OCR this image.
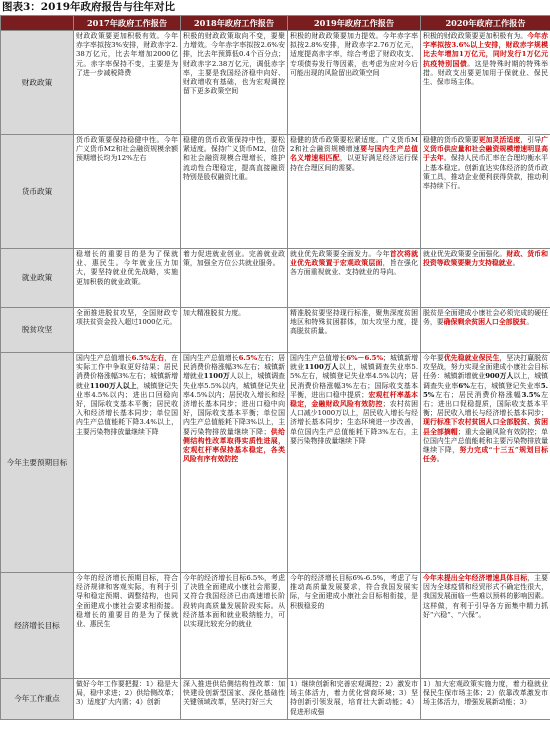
图表3：2019年政府报告与往年对比
	2017年政府工作报告	2018年政府工作报告	2019年政府工作报告	2020年政府工作报告
财政政策	财政政策要更加积极有效。今年赤字率拟按3%安排，财政赤字2.38万亿元，比去年增加2000亿元。赤字率保持不变，主要是为了进一步减税降费	积极的财政政策取向不变，要聚力增效。今年赤字率拟按2.6%安排，比去年预算低0.4个百分点；财政赤字2.38万亿元，调低赤字率，主要是我国经济稳中向好、财政增收有基础，也为宏观调控留下更多政策空间	积极的财政政策要加力提效。今年赤字率拟按2.8%安排，财政赤字2.76万亿元，适度提高赤字率，综合考虑了财政收支、专项债券发行等因素，也考虑为应对今后可能出现的风险留出政策空间	积极的财政政策要更加积极有为。今年赤字率拟按3.6%以上安排，财政赤字规模比去年增加1万亿元，同时发行1万亿元抗疫特别国债。这是特殊时期的特殊举措。财政支出要更加用于保就业、保民生、保市场主体。
货币政策	货币政策要保持稳健中性。今年广义货币M2和社会融资规模余额预期增长均为12%左右	稳健的货币政策保持中性，要松紧适度。保持广义货币M2、信贷和社会融资规模合理增长，维护流动性合理稳定，提高直接融资特别是股权融资比重。	稳健的货币政策要松紧适度。广义货币M2和社会融资规模增速要与国内生产总值名义增速相匹配，以更好满足经济运行保持在合理区间的需要。	稳健的货币政策要更加灵活适度，引导广义货币供应量和社会融资规模增速明显高于去年。保持人民币汇率在合理均衡水平上基本稳定。创新直达实体经济的货币政策工具，推动企业便利获得贷款，推动利率持续下行。
就业政策	稳增长的重要目的是为了保就业、惠民生。今年就业压力加大，要坚持就业优先战略，实施更加积极的就业政策。	着力促进就业创业。完善就业政策，加强全方位公共就业服务。	就业优先政策要全面发力。今年首次将就业优先政策置于宏观政策层面，旨在强化各方面重视就业、支持就业的导向。	就业优先政策要全面强化。财政、货币和投资等政策要聚力支持稳就业。
脱贫攻坚	全面推进脱贫攻坚，全国财政专项扶贫资金投入超过1000亿元。	加大精准脱贫力度。	精准脱贫要坚持现行标准，聚焦深度贫困地区和特殊贫困群体，加大攻坚力度，提高脱贫质量。	脱贫是全面建成小康社会必须完成的硬任务，要确保剩余贫困人口全部脱贫。
今年主要预期目标	国内生产总值增长6.5%左右，在实际工作中争取更好结果；居民消费价格涨幅3%左右；城镇新增就业1100万人以上，城镇登记失业率4.5%以内；进出口回稳向好，国际收支基本平衡；居民收入和经济增长基本同步；单位国内生产总值能耗下降3.4%以上，主要污染物排放量继续下降	国内生产总值增长6.5%左右；居民消费价格涨幅3%左右；城镇新增就业1100万人以上，城镇调查失业率5.5%以内，城镇登记失业率4.5%以内；居民收入增长和经济增长基本同步；进出口稳中向好，国际收支基本平衡；单位国内生产总值能耗下降3%以上，主要污染物排放量继续下降；供给侧结构性改革取得实质性进展，宏观杠杆率保持基本稳定，各类风险有序有效防控	国内生产总值增长6%－6.5%；城镇新增就业1100万人以上，城镇调查失业率5.5%左右，城镇登记失业率4.5%以内；居民消费价格涨幅3%左右；国际收支基本平衡，进出口稳中提质；宏观杠杆率基本稳定，金融财政风险有效防控；农村贫困人口减少1000万以上，居民收入增长与经济增长基本同步；生态环境进一步改善，单位国内生产总值能耗下降3%左右，主要污染物排放量继续下降	今年要优先稳就业保民生，坚决打赢脱贫攻坚战，努力实现全面建成小康社会目标任务：城镇新增就业900万人以上，城镇调查失业率6%左右，城镇登记失业率5.5%左右；居民消费价格涨幅3.5%左右；进出口促稳提质，国际收支基本平衡；居民收入增长与经济增长基本同步；现行标准下农村贫困人口全部脱贫、贫困县全部摘帽；重大金融风险有效防控；单位国内生产总值能耗和主要污染物排放量继续下降，努力完成“十三五”规划目标任务。
经济增长目标	今年的经济增长预期目标，符合经济规律和客观实际，有利于引导和稳定预期、调整结构，也同全面建成小康社会要求相衔接。稳增长的重要目的是为了保就业、惠民生	今年的经济增长目标6.5%，考虑了决胜全面建成小康社会需要，又符合我国经济已由高速增长阶段转向高质量发展阶段实际。从经济基本面和就业吸纳能力，可以实现比较充分的就业	今年的经济增长目标6%-6.5%，考虑了与推动高质量发展要求，符合我国发展实际，与全面建成小康社会目标相衔接，是积极稳妥的	今年未提出全年经济增速具体目标，主要因为全球疫情和经贸形式不确定性很大，我国发展面临一些难以预料的影响因素。这样做，有利于引导各方面集中精力抓好“六稳”、“六保”。
今年工作重点	做好今年工作要把握：1）稳是大局，稳中求进；2）供给侧改革；3）适度扩大内需；4）创新	深入推进供给侧结构性改革：加快建设创新型国家、深化基础性关键领域改革，坚决打好三大	1）继续创新和完善宏观调控；2）激发市场主体活力，着力优化营商环境；3）坚持创新引领发展，培育壮大新动能；4）促进形成强	1）加大宏观政策实施力度，着力稳就业保民生保市场主体；2）依靠改革激发市场主体活力，增强发展新动能；3）
